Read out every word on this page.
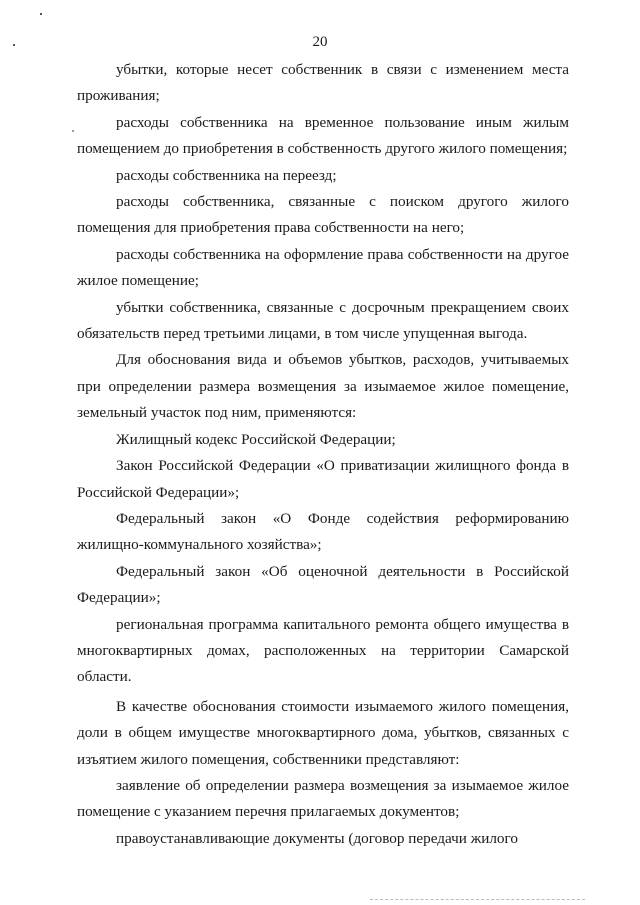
20

убытки, которые несет собственник в связи с изменением места проживания;

расходы собственника на временное пользование иным жилым помещением до приобретения в собственность другого жилого помещения;

расходы собственника на переезд;

расходы собственника, связанные с поиском другого жилого помещения для приобретения права собственности на него;

расходы собственника на оформление права собственности на другое жилое помещение;

убытки собственника, связанные с досрочным прекращением своих обязательств перед третьими лицами, в том числе упущенная выгода.

Для обоснования вида и объемов убытков, расходов, учитываемых при определении размера возмещения за изымаемое жилое помещение, земельный участок под ним, применяются:

Жилищный кодекс Российской Федерации;

Закон Российской Федерации «О приватизации жилищного фонда в Российской Федерации»;

Федеральный закон «О Фонде содействия реформированию жилищно-коммунального хозяйства»;

Федеральный закон «Об оценочной деятельности в Российской Федерации»;

региональная программа капитального ремонта общего имущества в многоквартирных домах, расположенных на территории Самарской области.

В качестве обоснования стоимости изымаемого жилого помещения, доли в общем имуществе многоквартирного дома, убытков, связанных с изъятием жилого помещения, собственники представляют:

заявление об определении размера возмещения за изымаемое жилое помещение с указанием перечня прилагаемых документов;

правоустанавливающие документы (договор передачи жилого
